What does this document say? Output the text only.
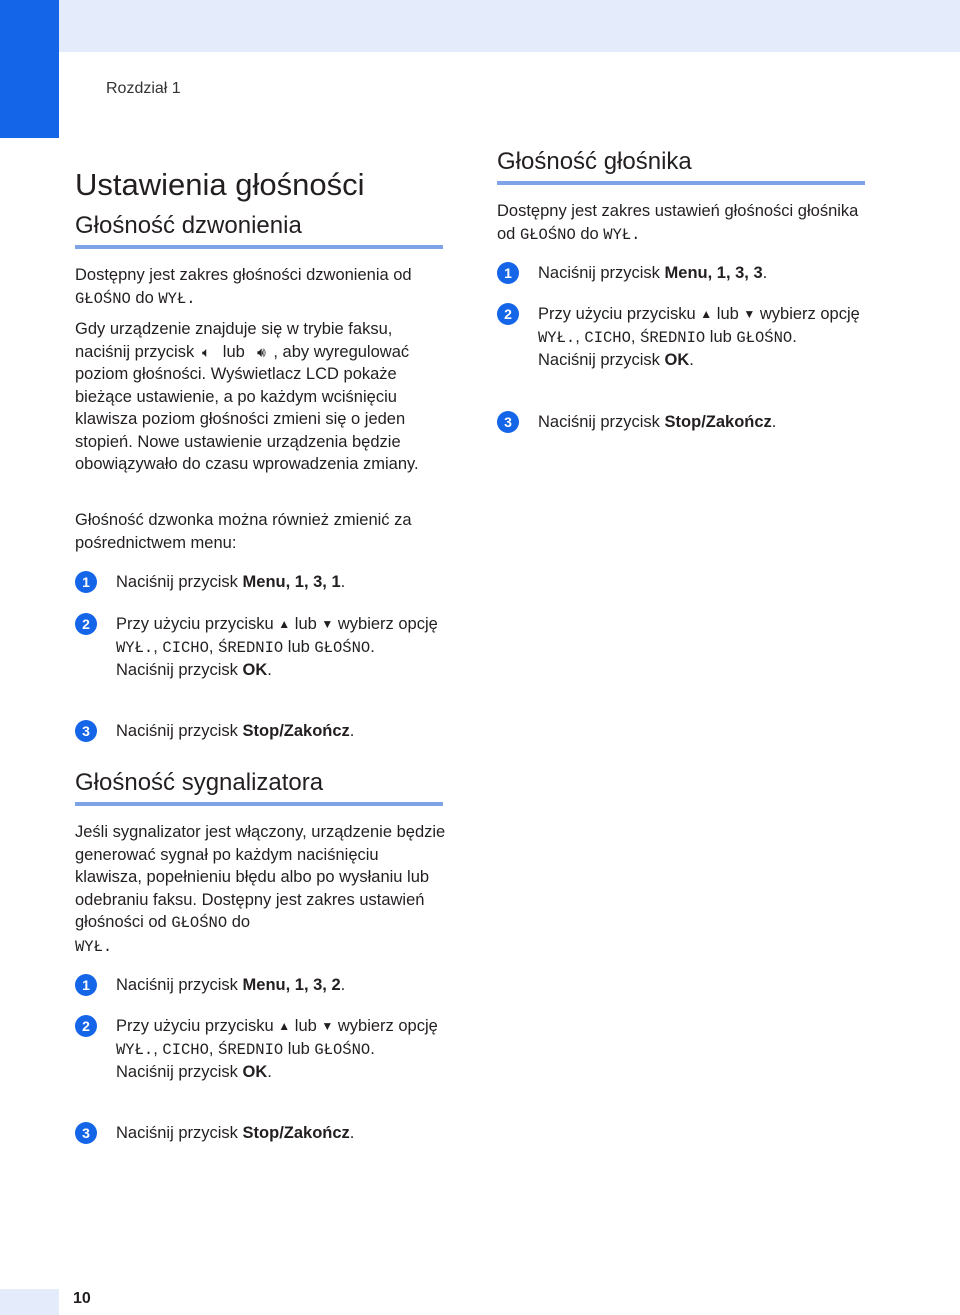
Rozdział 1
Ustawienia głośności
Głośność dzwonienia

Dostępny jest zakres głośności dzwonienia od GŁOŚNO do WYŁ.

Gdy urządzenie znajduje się w trybie faksu, naciśnij przycisk 🔈︎ lub 🔊︎ , aby wyregulować poziom głośności. Wyświetlacz LCD pokaże bieżące ustawienie, a po każdym wciśnięciu klawisza poziom głośności zmieni się o jeden stopień. Nowe ustawienie urządzenia będzie obowiązywało do czasu wprowadzenia zmiany.

Głośność dzwonka można również zmienić za pośrednictwem menu:

1	Naciśnij przycisk Menu, 1, 3, 1.
2	Przy użyciu przycisku ▲ lub ▼ wybierz opcję WYŁ., CICHO, ŚREDNIO lub GŁOŚNO.
Naciśnij przycisk OK.
3	Naciśnij przycisk Stop/Zakończ.
Głośność sygnalizatora

Jeśli sygnalizator jest włączony, urządzenie będzie generować sygnał po każdym naciśnięciu klawisza, popełnieniu błędu albo po wysłaniu lub odebraniu faksu. Dostępny jest zakres ustawień głośności od GŁOŚNO do
WYŁ.

1	Naciśnij przycisk Menu, 1, 3, 2.
2	Przy użyciu przycisku ▲ lub ▼ wybierz opcję WYŁ., CICHO, ŚREDNIO lub GŁOŚNO.
Naciśnij przycisk OK.
3	Naciśnij przycisk Stop/Zakończ.
Głośność głośnika

Dostępny jest zakres ustawień głośności głośnika od GŁOŚNO do WYŁ.

1	Naciśnij przycisk Menu, 1, 3, 3.
2	Przy użyciu przycisku ▲ lub ▼ wybierz opcję WYŁ., CICHO, ŚREDNIO lub GŁOŚNO.
Naciśnij przycisk OK.
3	Naciśnij przycisk Stop/Zakończ.
10
